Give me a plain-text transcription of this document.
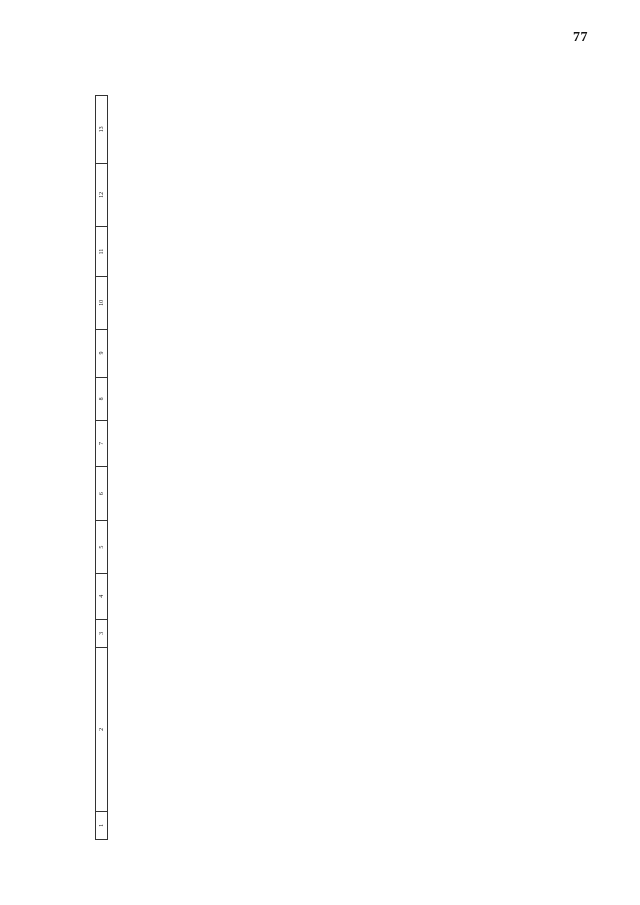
77
1	2	3	4	5	6	7	8	9	10	11	12	13
